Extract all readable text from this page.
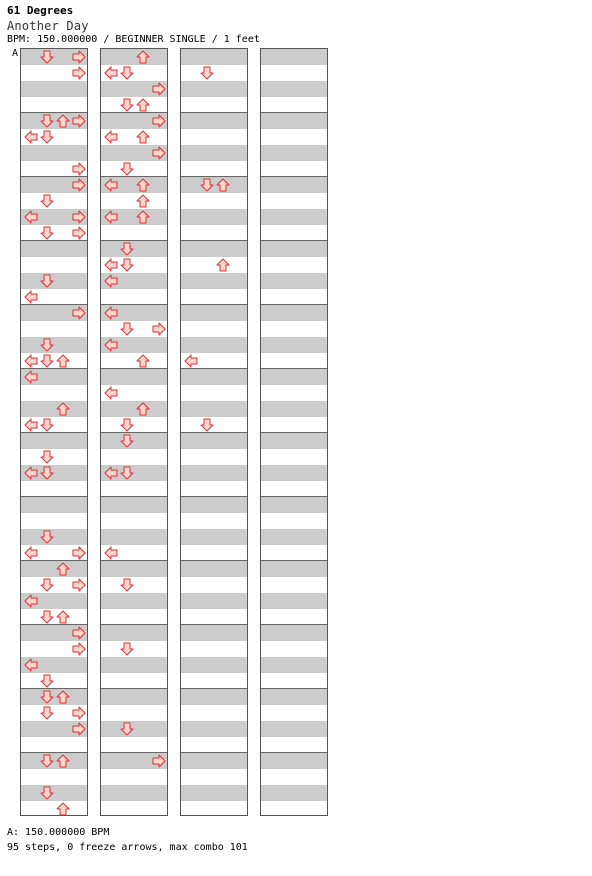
61 Degrees
Another Day
BPM: 150.000000 / BEGINNER SINGLE / 1 feet
A
A: 150.000000 BPM
95 steps, 0 freeze arrows, max combo 101
